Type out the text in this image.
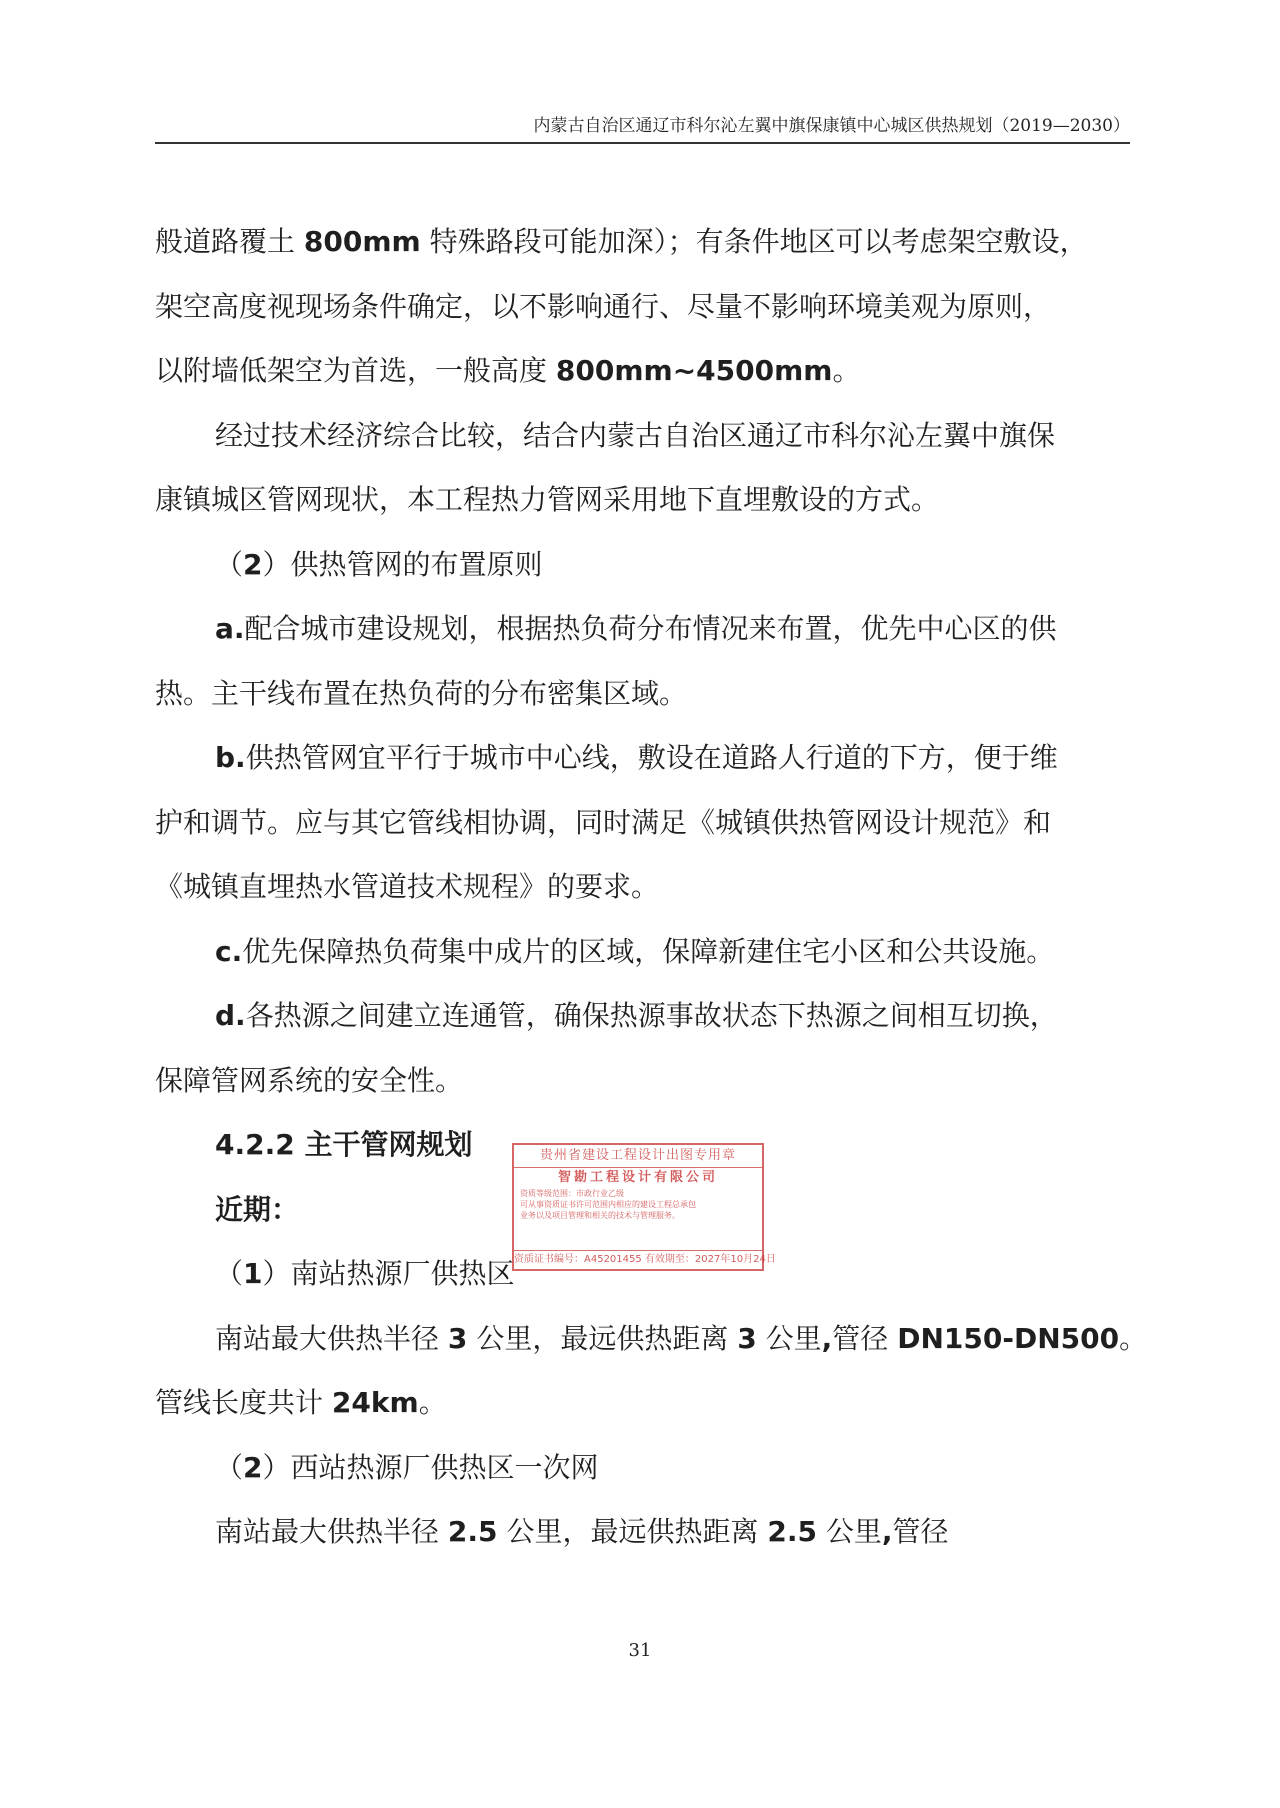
内蒙古自治区通辽市科尔沁左翼中旗保康镇中心城区供热规划（2019—2030）

般道路覆土 800mm 特殊路段可能加深）；有条件地区可以考虑架空敷设，

架空高度视现场条件确定，以不影响通行、尽量不影响环境美观为原则，

以附墙低架空为首选，一般高度 800mm~4500mm。

经过技术经济综合比较，结合内蒙古自治区通辽市科尔沁左翼中旗保

康镇城区管网现状，本工程热力管网采用地下直埋敷设的方式。

（2）供热管网的布置原则

a.配合城市建设规划，根据热负荷分布情况来布置，优先中心区的供

热。主干线布置在热负荷的分布密集区域。

b.供热管网宜平行于城市中心线，敷设在道路人行道的下方，便于维

护和调节。应与其它管线相协调，同时满足《城镇供热管网设计规范》和

《城镇直埋热水管道技术规程》的要求。

c.优先保障热负荷集中成片的区域，保障新建住宅小区和公共设施。

d.各热源之间建立连通管，确保热源事故状态下热源之间相互切换，

保障管网系统的安全性。

4.2.2 主干管网规划

近期：

（1）南站热源厂供热区

南站最大供热半径 3 公里，最远供热距离 3 公里,管径 DN150-DN500。

管线长度共计 24km。

（2）西站热源厂供热区一次网

南站最大供热半径 2.5 公里，最远供热距离 2.5 公里,管径

贵州省建设工程设计出图专用章
智勘工程设计有限公司
资质等级范围：市政行业乙级
可从事资质证书许可范围内相应的建设工程总承包
业务以及项目管理和相关的技术与管理服务。
资质证书编号：A45201455 有效期至：2027年10月24日
31
